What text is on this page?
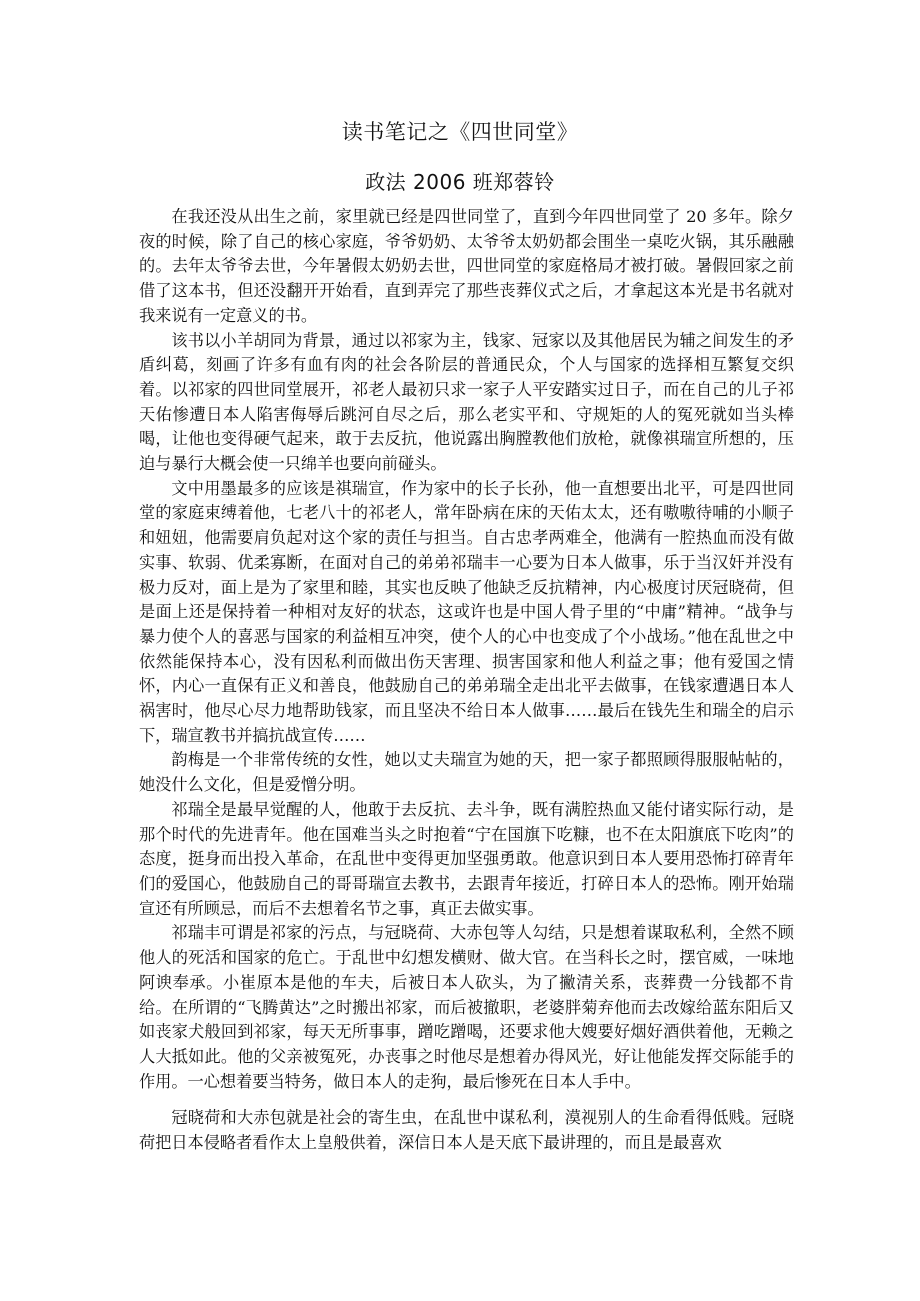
读书笔记之《四世同堂》
政法 2006 班郑蓉铃

在我还没从出生之前，家里就已经是四世同堂了，直到今年四世同堂了 20 多年。除夕夜的时候，除了自己的核心家庭，爷爷奶奶、太爷爷太奶奶都会围坐一桌吃火锅，其乐融融的。去年太爷爷去世，今年暑假太奶奶去世，四世同堂的家庭格局才被打破。暑假回家之前借了这本书，但还没翻开开始看，直到弄完了那些丧葬仪式之后，才拿起这本光是书名就对我来说有一定意义的书。

该书以小羊胡同为背景，通过以祁家为主，钱家、冠家以及其他居民为辅之间发生的矛盾纠葛，刻画了许多有血有肉的社会各阶层的普通民众，个人与国家的选择相互繁复交织着。以祁家的四世同堂展开，祁老人最初只求一家子人平安踏实过日子，而在自己的儿子祁天佑惨遭日本人陷害侮辱后跳河自尽之后，那么老实平和、守规矩的人的冤死就如当头棒喝，让他也变得硬气起来，敢于去反抗，他说露出胸膛教他们放枪，就像祺瑞宣所想的，压迫与暴行大概会使一只绵羊也要向前碰头。

文中用墨最多的应该是祺瑞宣，作为家中的长子长孙，他一直想要出北平，可是四世同堂的家庭束缚着他，七老八十的祁老人，常年卧病在床的天佑太太，还有嗷嗷待哺的小顺子和妞妞，他需要肩负起对这个家的责任与担当。自古忠孝两难全，他满有一腔热血而没有做实事、软弱、优柔寡断，在面对自己的弟弟祁瑞丰一心要为日本人做事，乐于当汉奸并没有极力反对，面上是为了家里和睦，其实也反映了他缺乏反抗精神，内心极度讨厌冠晓荷，但是面上还是保持着一种相对友好的状态，这或许也是中国人骨子里的“中庸”精神。“战争与暴力使个人的喜恶与国家的利益相互冲突，使个人的心中也变成了个小战场。”他在乱世之中依然能保持本心，没有因私利而做出伤天害理、损害国家和他人利益之事；他有爱国之情怀，内心一直保有正义和善良，他鼓励自己的弟弟瑞全走出北平去做事，在钱家遭遇日本人祸害时，他尽心尽力地帮助钱家，而且坚决不给日本人做事……最后在钱先生和瑞全的启示下，瑞宣教书并搞抗战宣传……

韵梅是一个非常传统的女性，她以丈夫瑞宣为她的天，把一家子都照顾得服服帖帖的，她没什么文化，但是爱憎分明。

祁瑞全是最早觉醒的人，他敢于去反抗、去斗争，既有满腔热血又能付诸实际行动，是那个时代的先进青年。他在国难当头之时抱着“宁在国旗下吃糠，也不在太阳旗底下吃肉”的态度，挺身而出投入革命，在乱世中变得更加坚强勇敢。他意识到日本人要用恐怖打碎青年们的爱国心，他鼓励自己的哥哥瑞宣去教书，去跟青年接近，打碎日本人的恐怖。刚开始瑞宣还有所顾忌，而后不去想着名节之事，真正去做实事。

祁瑞丰可谓是祁家的污点，与冠晓荷、大赤包等人勾结，只是想着谋取私利，全然不顾他人的死活和国家的危亡。于乱世中幻想发横财、做大官。在当科长之时，摆官威，一味地阿谀奉承。小崔原本是他的车夫，后被日本人砍头，为了撇清关系，丧葬费一分钱都不肯给。在所谓的“飞腾黄达”之时搬出祁家，而后被撤职，老婆胖菊弃他而去改嫁给蓝东阳后又如丧家犬般回到祁家，每天无所事事，蹭吃蹭喝，还要求他大嫂要好烟好酒供着他，无赖之人大抵如此。他的父亲被冤死，办丧事之时他尽是想着办得风光，好让他能发挥交际能手的作用。一心想着要当特务，做日本人的走狗，最后惨死在日本人手中。

冠晓荷和大赤包就是社会的寄生虫，在乱世中谋私利，漠视别人的生命看得低贱。冠晓荷把日本侵略者看作太上皇般供着，深信日本人是天底下最讲理的，而且是最喜欢
